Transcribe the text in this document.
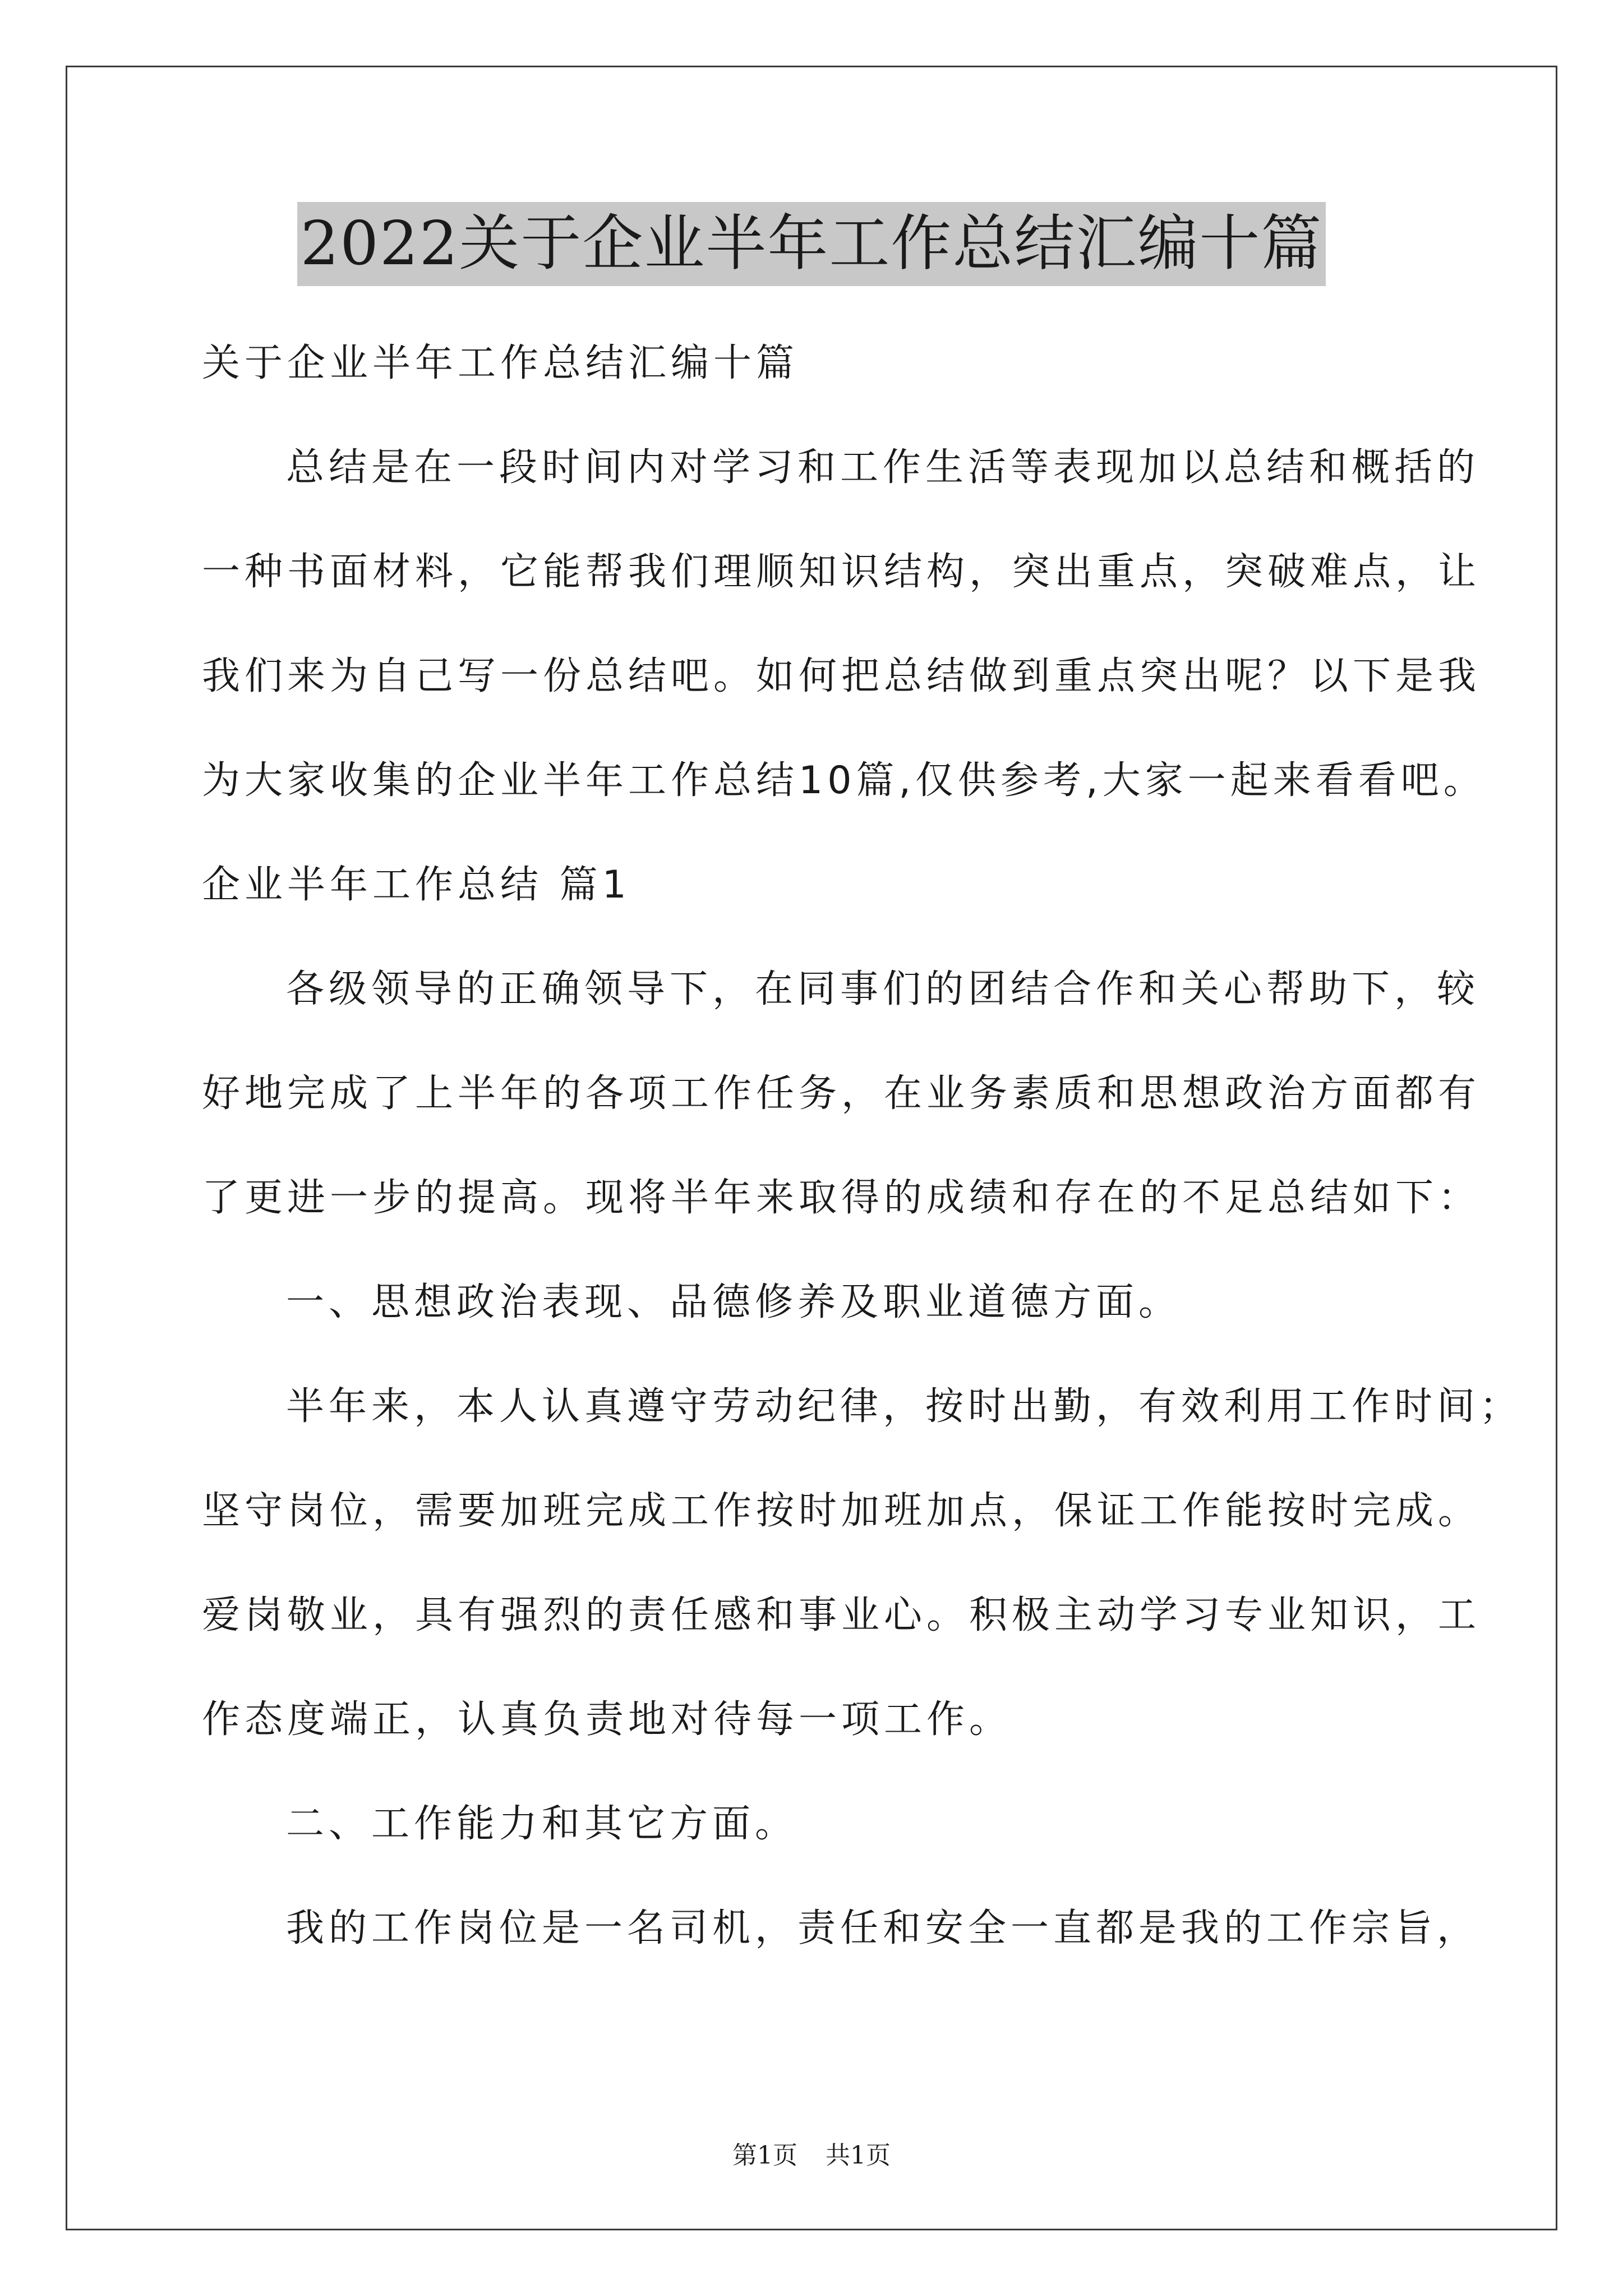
2022关于企业半年工作总结汇编十篇
关于企业半年工作总结汇编十篇
总结是在一段时间内对学习和工作生活等表现加以总结和概括的
一种书面材料，它能帮我们理顺知识结构，突出重点，突破难点，让
我们来为自己写一份总结吧。如何把总结做到重点突出呢？以下是我
为大家收集的企业半年工作总结10篇,仅供参考,大家一起来看看吧。
企业半年工作总结 篇1
各级领导的正确领导下，在同事们的团结合作和关心帮助下，较
好地完成了上半年的各项工作任务，在业务素质和思想政治方面都有
了更进一步的提高。现将半年来取得的成绩和存在的不足总结如下：
一、思想政治表现、品德修养及职业道德方面。
半年来，本人认真遵守劳动纪律，按时出勤，有效利用工作时间；
坚守岗位，需要加班完成工作按时加班加点，保证工作能按时完成。
爱岗敬业，具有强烈的责任感和事业心。积极主动学习专业知识，工
作态度端正，认真负责地对待每一项工作。
二、工作能力和其它方面。
我的工作岗位是一名司机，责任和安全一直都是我的工作宗旨，
第1页 共1页
